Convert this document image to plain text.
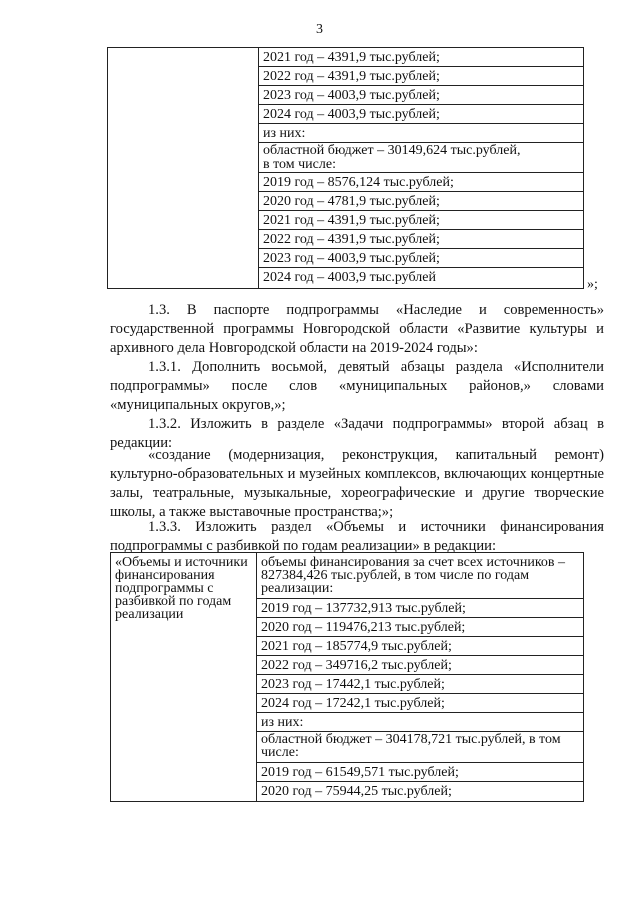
3

2021 год – 4391,9 тыс.рублей;
2022 год – 4391,9 тыс.рублей;
2023 год – 4003,9 тыс.рублей;
2024 год – 4003,9 тыс.рублей;
из них:
областной бюджет – 30149,624 тыс.рублей,
в том числе:
2019 год – 8576,124 тыс.рублей;
2020 год – 4781,9 тыс.рублей;
2021 год – 4391,9 тыс.рублей;
2022 год – 4391,9 тыс.рублей;
2023 год – 4003,9 тыс.рублей;
2024 год – 4003,9 тыс.рублей	»;
1.3. В паспорте подпрограммы «Наследие и современность» государственной программы Новгородской области «Развитие культуры и архивного дела Новгородской области на 2019-2024 годы»:
1.3.1. Дополнить восьмой, девятый абзацы раздела «Исполнители подпрограммы» после слов «муниципальных районов,» словами «муниципальных округов,»;
1.3.2. Изложить в разделе «Задачи подпрограммы» второй абзац в редакции:
«создание (модернизация, реконструкция, капитальный ремонт) культурно-образовательных и музейных комплексов, включающих концертные залы, театральные, музыкальные, хореографические и другие творческие школы, а также выставочные пространства;»;
1.3.3. Изложить раздел «Объемы и источники финансирования подпрограммы с разбивкой по годам реализации» в редакции:
«Объемы и источники финансирования подпрограммы с разбивкой по годам реализации

объемы финансирования за счет всех источников – 827384,426 тыс.рублей, в том числе по годам реализации:
2019 год – 137732,913 тыс.рублей;
2020 год – 119476,213 тыс.рублей;
2021 год – 185774,9 тыс.рублей;
2022 год – 349716,2 тыс.рублей;
2023 год – 17442,1 тыс.рублей;
2024 год – 17242,1 тыс.рублей;
из них:
областной бюджет – 304178,721 тыс.рублей, в том числе:
2019 год – 61549,571 тыс.рублей;
2020 год – 75944,25 тыс.рублей;
